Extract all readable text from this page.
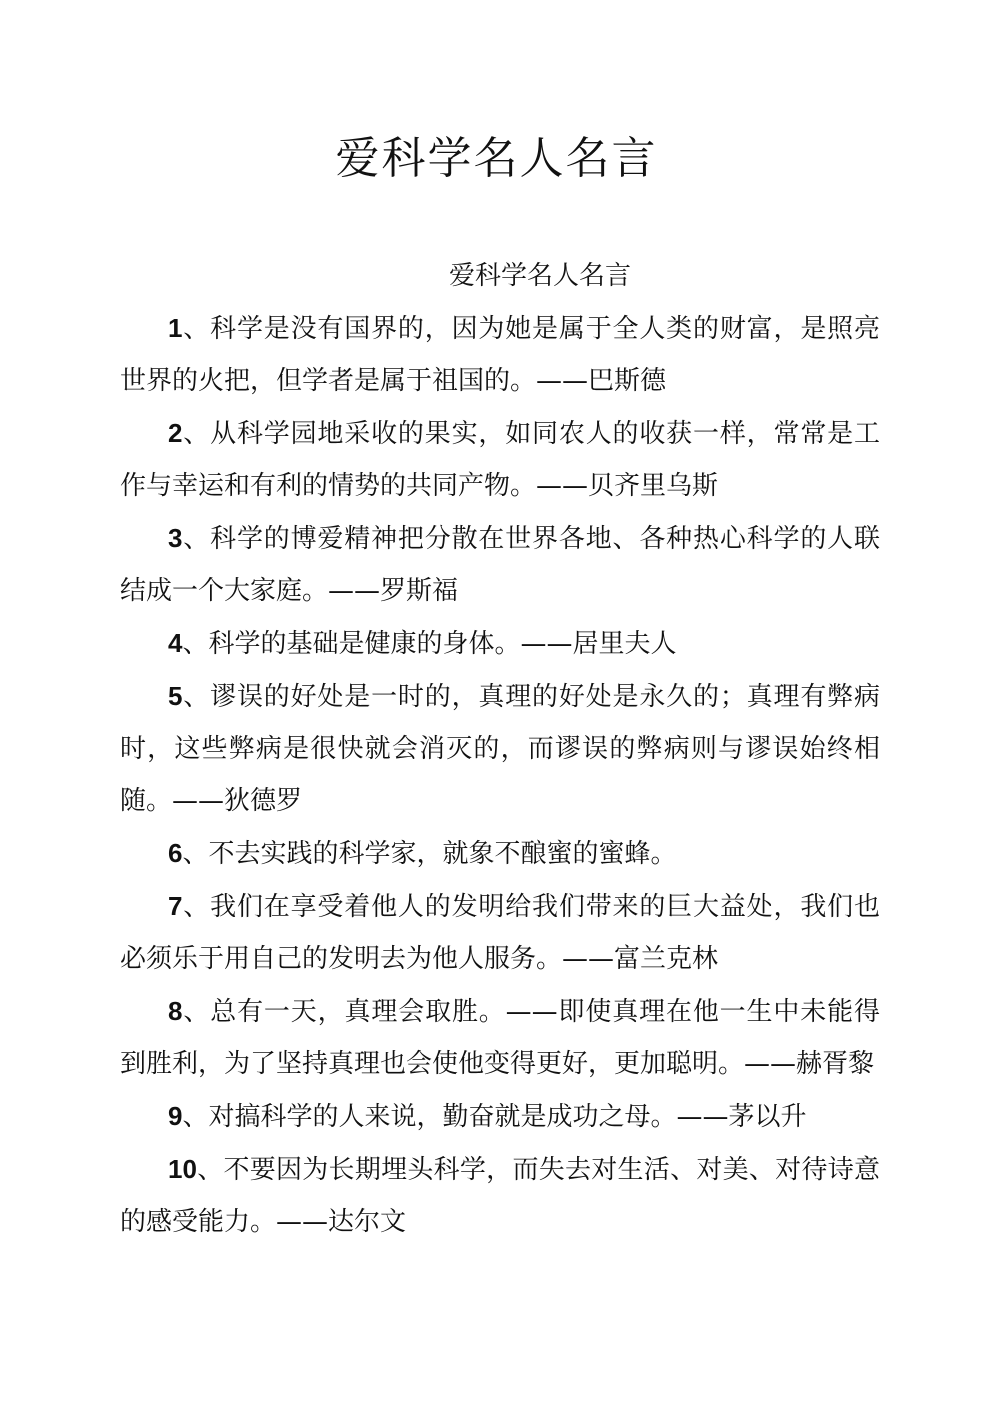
爱科学名人名言
爱科学名人名言

1、科学是没有国界的，因为她是属于全人类的财富，是照亮世界的火把，但学者是属于祖国的。——巴斯德

2、从科学园地采收的果实，如同农人的收获一样，常常是工作与幸运和有利的情势的共同产物。——贝齐里乌斯

3、科学的博爱精神把分散在世界各地、各种热心科学的人联结成一个大家庭。——罗斯福

4、科学的基础是健康的身体。——居里夫人

5、谬误的好处是一时的，真理的好处是永久的；真理有弊病时，这些弊病是很快就会消灭的，而谬误的弊病则与谬误始终相随。——狄德罗

6、不去实践的科学家，就象不酿蜜的蜜蜂。

7、我们在享受着他人的发明给我们带来的巨大益处，我们也必须乐于用自己的发明去为他人服务。——富兰克林

8、总有一天，真理会取胜。——即使真理在他一生中未能得到胜利，为了坚持真理也会使他变得更好，更加聪明。——赫胥黎

9、对搞科学的人来说，勤奋就是成功之母。——茅以升

10、不要因为长期埋头科学，而失去对生活、对美、对待诗意的感受能力。——达尔文
